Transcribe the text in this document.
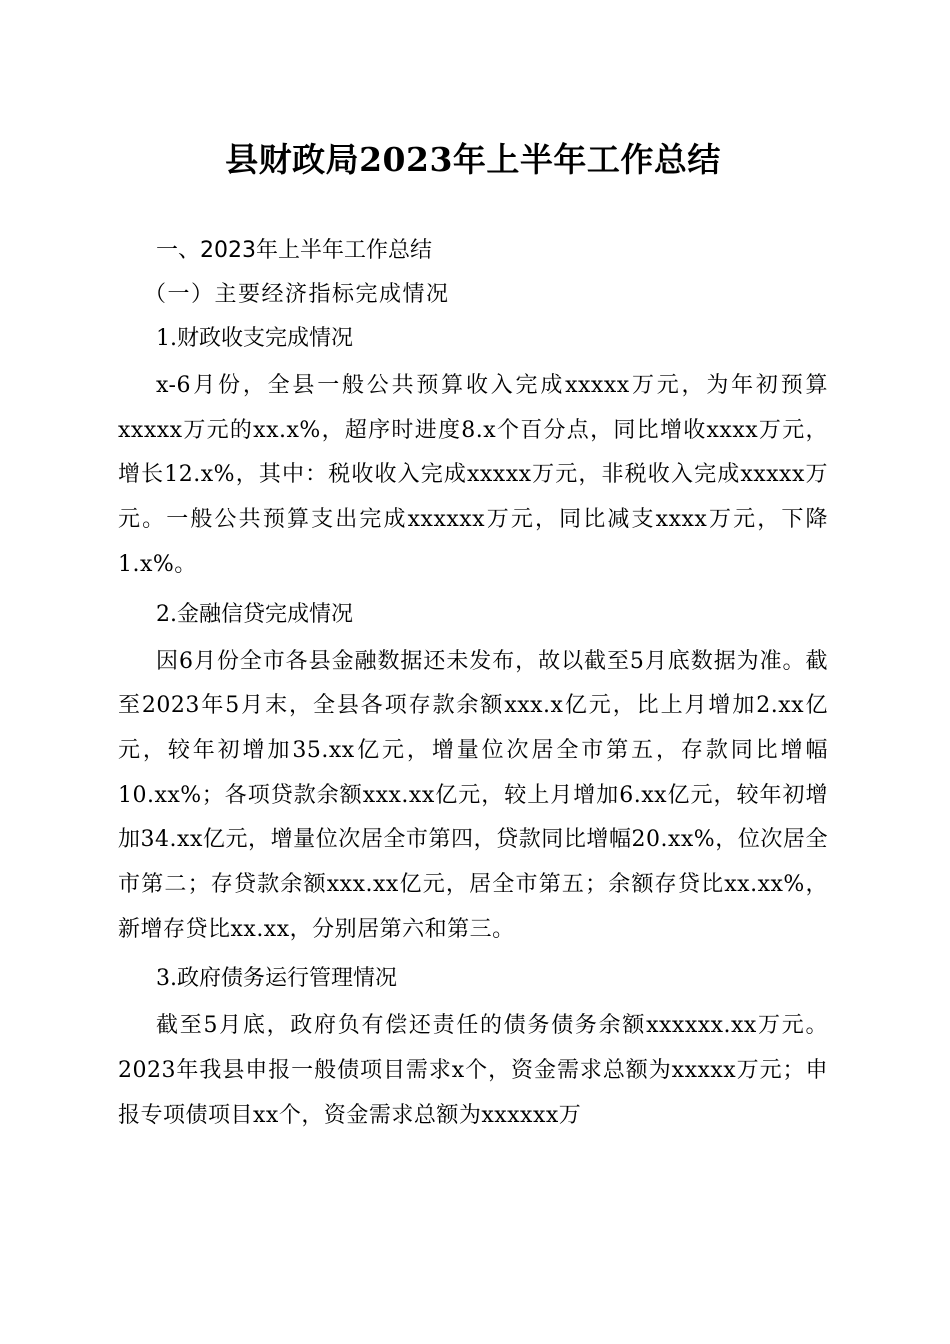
县财政局2023年上半年工作总结
一、2023年上半年工作总结
（一）主要经济指标完成情况
1.财政收支完成情况

x-6月份，全县一般公共预算收入完成xxxxx万元，为年初预算xxxxx万元的xx.x%，超序时进度8.x个百分点，同比增收xxxx万元，增长12.x%，其中：税收收入完成xxxxx万元，非税收入完成xxxxx万元。一般公共预算支出完成xxxxxx万元，同比减支xxxx万元，下降1.x%。

2.金融信贷完成情况

因6月份全市各县金融数据还未发布，故以截至5月底数据为准。截至2023年5月末，全县各项存款余额xxx.x亿元，比上月增加2.xx亿元，较年初增加35.xx亿元，增量位次居全市第五，存款同比增幅10.xx%；各项贷款余额xxx.xx亿元，较上月增加6.xx亿元，较年初增加34.xx亿元，增量位次居全市第四，贷款同比增幅20.xx%，位次居全市第二；存贷款余额xxx.xx亿元，居全市第五；余额存贷比xx.xx%，新增存贷比xx.xx，分别居第六和第三。

3.政府债务运行管理情况

截至5月底，政府负有偿还责任的债务债务余额xxxxxx.xx万元。2023年我县申报一般债项目需求x个，资金需求总额为xxxxx万元；申报专项债项目xx个，资金需求总额为xxxxxx万
